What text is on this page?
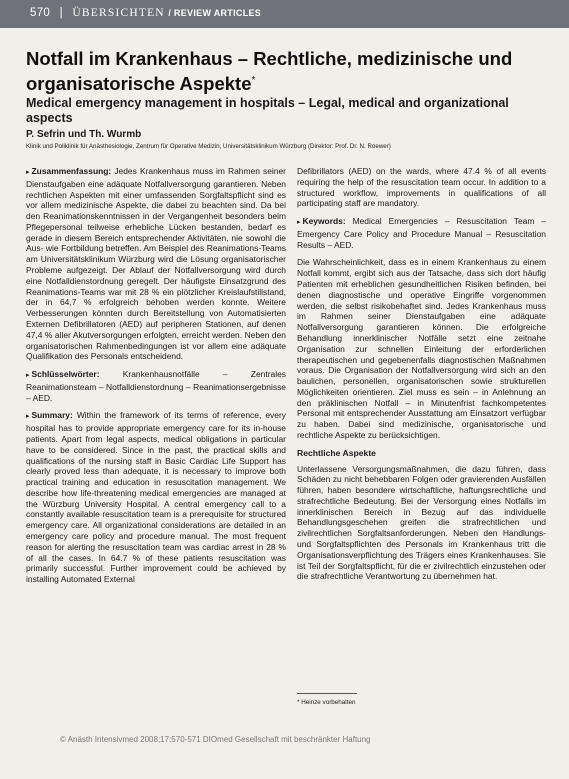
570 | ÜBERSICHTEN / REVIEW ARTICLES
Notfall im Krankenhaus – Rechtliche, medizinische und organisatorische Aspekte*
Medical emergency management in hospitals – Legal, medical and organizational aspects
P. Sefrin und Th. Wurmb
Klinik und Poliklinik für Anästhesiologie, Zentrum für Operative Medizin, Universitätsklinikum Würzburg (Direktor: Prof. Dr. N. Roewer)

▸ Zusammenfassung: Jedes Krankenhaus muss im Rahmen seiner Dienstaufgaben eine adäquate Notfallversorgung garantieren. Neben rechtlichen Aspekten mit einer umfassenden Sorgfaltspflicht sind es vor allem medizinische Aspekte, die dabei zu beachten sind. Da bei den Reanimationskenntnissen in der Vergangenheit besonders beim Pflegepersonal teilweise erhebliche Lücken bestanden, bedarf es gerade in diesem Bereich entsprechender Aktivitäten, nie sowohl die Aus- wie Fortbildung betreffen. Am Beispiel des Reanimations-Teams am Universitätsklinikum Würzburg wird die Lösung organisatorischer Probleme aufgezeigt. Der Ablauf der Notfallversorgung wird durch eine Notfalldienstordnung geregelt. Der häufigste Einsatzgrund des Reanimations-Teams war mit 28 % ein plötzlicher Kreislaufstillstand, der in 64,7 % erfolgreich behoben werden konnte. Weitere Verbesserungen könnten durch Bereitstellung von Automatisierten Externen Defibrillatoren (AED) auf peripheren Stationen, auf denen 47,4 % aller Akutversorgungen erfolgten, erreicht werden. Neben den organisatorischen Rahmenbedingungen ist vor allem eine adäquate Qualifikation des Personals entscheidend.

▸ Schlüsselwörter:	Krankenhausnotfälle – Zentrales Reanimationsteam – Notfalldienstordnung – Reanimationsergebnisse – AED.

▸ Summary: Within the framework of its terms of reference, every hospital has to provide appropriate emergency care for its in-house patients. Apart from legal aspects, medical obligations in particular have to be considered. Since in the past, the practical skills and qualifications of the nursing staff in Basic Cardiac Life Support has clearly proved less than adequate, it is necessary to improve both practical training and education in resuscitation management. We describe how life-threatening medical emergencies are managed at the Würzburg University Hospital. A central emergency call to a constantly available resuscitation team is a prerequisite for structured emergency care. All organizational considerations are detailed in an emergency care policy and procedure manual. The most frequent reason for alerting the resuscitation team was cardiac arrest in 28 % of all the cases. In 64.7 % of these patients resuscitation was primarily successful. Further improvement could be achieved by installing Automated External

Defibrillators (AED) on the wards, where 47.4 % of all events requiring the help of the resuscitation team occur. In addition to a structured workflow, improvements in qualifications of all participating staff are mandatory.

▸ Keywords: Medical Emergencies – Resuscitation Team – Emergency Care Policy and Procedure Manual – Resuscitation Results – AED.

Die Wahrscheinlichkeit, dass es in einem Krankenhaus zu einem Notfall kommt, ergibt sich aus der Tatsache, dass sich dort häufig Patienten mit erheblichen gesundheitlichen Risiken befinden, bei denen diagnostische und operative Eingriffe vorgenommen werden, die selbst risikobehaftet sind. Jedes Krankenhaus muss im Rahmen seiner Dienstaufgaben eine adäquate Notfallversorgung garantieren können. Die erfolgreiche Behandlung innerklinischer Notfälle setzt eine zeitnahe Organisation zur schnellen Einleitung der erforderlichen therapeutischen und gegebenenfalls diagnostischen Maßnahmen voraus. Die Organisation der Notfallversorgung wird sich an den baulichen, personellen, organisatorischen sowie strukturellen Möglichkeiten orientieren. Ziel muss es sein – in Anlehnung an den präklinischen Notfall – in Minutenfrist fachkompetentes Personal mit entsprechender Ausstattung am Einsatzort verfügbar zu haben. Dabei sind medizinische, organisatorische und rechtliche Aspekte zu berücksichtigen.

Rechtliche Aspekte

Unterlassene Versorgungsmaßnahmen, die dazu führen, dass Schäden zu nicht behebbaren Folgen oder gravierenden Ausfällen führen, haben besondere wirtschaftliche, haftungsrechtliche und strafrechtliche Bedeutung. Bei der Versorgung eines Notfalls im innerklinischen Bereich in Bezug auf das individuelle Behandlungsgeschehen greifen die strafrechtlichen und zivilrechtlichen Sorgfaltsanforderungen. Neben den Handlungs- und Sorgfaltspflichten des Personals im Krankenhaus tritt die Organisationsverpflichtung des Trägers eines Krankenhauses. Sie ist Teil der Sorgfaltspflicht, für die er zivilrechtlich einzustehen oder die strafrechtliche Verantwortung zu übernehmen hat.

* Heinze vorbehalten
© Anästh Intensivmed 2008;17:570-571 DIOmed Gesellschaft mit beschränkter Haftung
